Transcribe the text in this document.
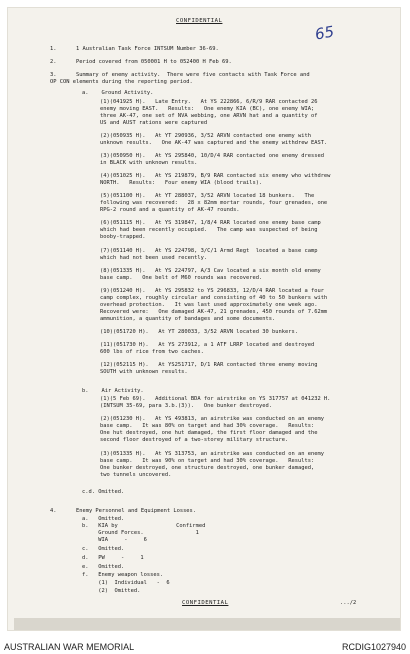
CONFIDENTIAL
65
1.      1 Australian Task Force INTSUM Number 36-69.
2.      Period covered from 050001 H to 052400 H Feb 69.
3.      Summary of enemy activity.  There were five contacts with Task Force and
OP CON elements during the reporting period.
a.    Ground Activity.
(1)(041925 H).   Late Entry.   At YS 222866, 6/R/9 RAR contacted 26
enemy moving EAST.   Results:   One enemy KIA (BC), one enemy WIA;
three AK-47, one set of NVA webbing, one ARVN hat and a quantity of
US and AUST rations were captured
(2)(050935 H).   At YT 290936, 3/52 ARVN contacted one enemy with
unknown results.   One AK-47 was captured and the enemy withdrew EAST.
(3)(050950 H).   At YS 295840, 10/D/4 RAR contacted one enemy dressed
in BLACK with unknown results.
(4)(051025 H).   At YS 219879, B/9 RAR contacted six enemy who withdrew
NORTH.   Results:   Four enemy WIA (blood trails).
(5)(051100 H).   At YT 288037, 3/52 ARVN located 18 bunkers.   The
following was recovered:   28 x 82mm mortar rounds, four grenades, one
RPG-2 round and a quantity of AK-47 rounds.
(6)(051115 H).   At YS 319847, 1/8/4 RAR located one enemy base camp
which had been recently occupied.   The camp was suspected of being
booby-trapped.
(7)(051140 H).   At YS 224798, 3/C/1 Armd Regt  located a base camp
which had not been used recently.
(8)(051335 H).   At YS 224797, A/3 Cav located a six month old enemy
base camp.   One belt of M60 rounds was recovered.
(9)(051240 H).   At YS 295832 to YS 296833, 12/D/4 RAR located a four
camp complex, roughly circular and consisting of 40 to 50 bunkers with
overhead protection.   It was last used approximately one week ago.
Recovered were:   One damaged AK-47, 21 grenades, 450 rounds of 7.62mm
ammunition, a quantity of bandages and some documents.
(10)(051720 H).   At YT 280033, 3/52 ARVN located 30 bunkers.
(11)(051730 H).   At YS 273912, a 1 ATF LRRP located and destroyed
600 lbs of rice from two caches.
(12)(052115 H).   At YS251717, D/1 RAR contacted three enemy moving
SOUTH with unknown results.
b.    Air Activity.
(1)(5 Feb 69).   Additional BDA for airstrike on YS 317757 at 041232 H.
(INTSUM 35-69, para 3.b.(3)).   One bunker destroyed.
(2)(051230 H).   At YS 493813, an airstrike was conducted on an enemy
base camp.   It was 80% on target and had 30% coverage.   Results:
One hut destroyed, one hut damaged, the first floor damaged and the
second floor destroyed of a two-storey military structure.
(3)(051335 H).   At YS 313753, an airstrike was conducted on an enemy
base camp.   It was 90% on target and had 30% coverage.   Results:
One bunker destroyed, one structure destroyed, one bunker damaged,
two tunnels uncovered.
c.d. Omitted.
4.      Enemy Personnel and Equipment Losses.
a.   Omitted.
b.   KIA by                  Confirmed
Ground Forces.                1
WIA     -     6
c.   Omitted.
d.   PW     -     1
e.   Omitted.
f.   Enemy weapon losses.
(1)  Individual   -  6
(2)  Omitted.
CONFIDENTIAL	.../2
AUSTRALIAN WAR MEMORIAL	RCDIG1027940
